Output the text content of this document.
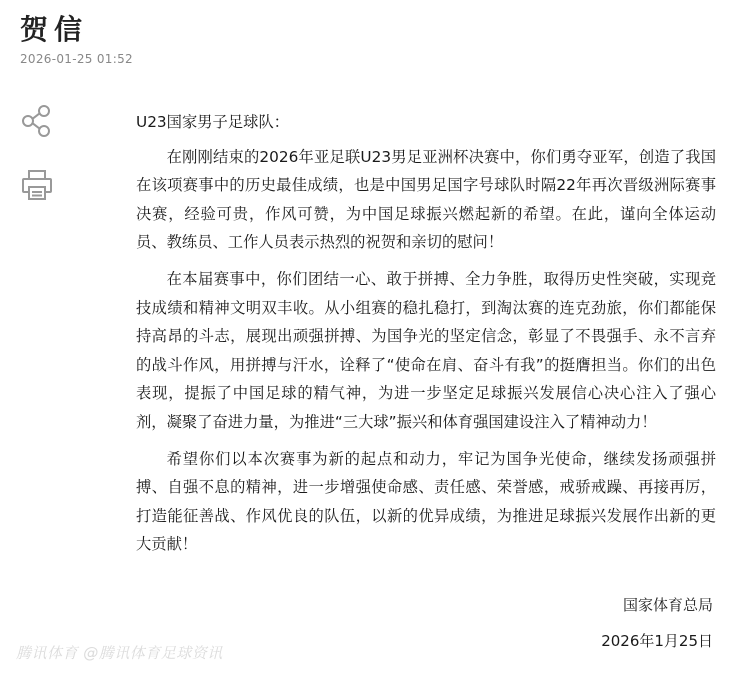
贺信
2026-01-25 01:52

U23国家男子足球队：

在刚刚结束的2026年亚足联U23男足亚洲杯决赛中，你们勇夺亚军，创造了我国在该项赛事中的历史最佳成绩，也是中国男足国字号球队时隔22年再次晋级洲际赛事决赛，经验可贵，作风可赞，为中国足球振兴燃起新的希望。在此，谨向全体运动员、教练员、工作人员表示热烈的祝贺和亲切的慰问！

在本届赛事中，你们团结一心、敢于拼搏、全力争胜，取得历史性突破，实现竞技成绩和精神文明双丰收。从小组赛的稳扎稳打，到淘汰赛的连克劲旅，你们都能保持高昂的斗志，展现出顽强拼搏、为国争光的坚定信念，彰显了不畏强手、永不言弃的战斗作风，用拼搏与汗水，诠释了“使命在肩、奋斗有我”的挺膺担当。你们的出色表现，提振了中国足球的精气神，为进一步坚定足球振兴发展信心决心注入了强心剂，凝聚了奋进力量，为推进“三大球”振兴和体育强国建设注入了精神动力！

希望你们以本次赛事为新的起点和动力，牢记为国争光使命，继续发扬顽强拼搏、自强不息的精神，进一步增强使命感、责任感、荣誉感，戒骄戒躁、再接再厉，打造能征善战、作风优良的队伍，以新的优异成绩，为推进足球振兴发展作出新的更大贡献！

国家体育总局
2026年1月25日
腾讯体育 @腾讯体育足球资讯
